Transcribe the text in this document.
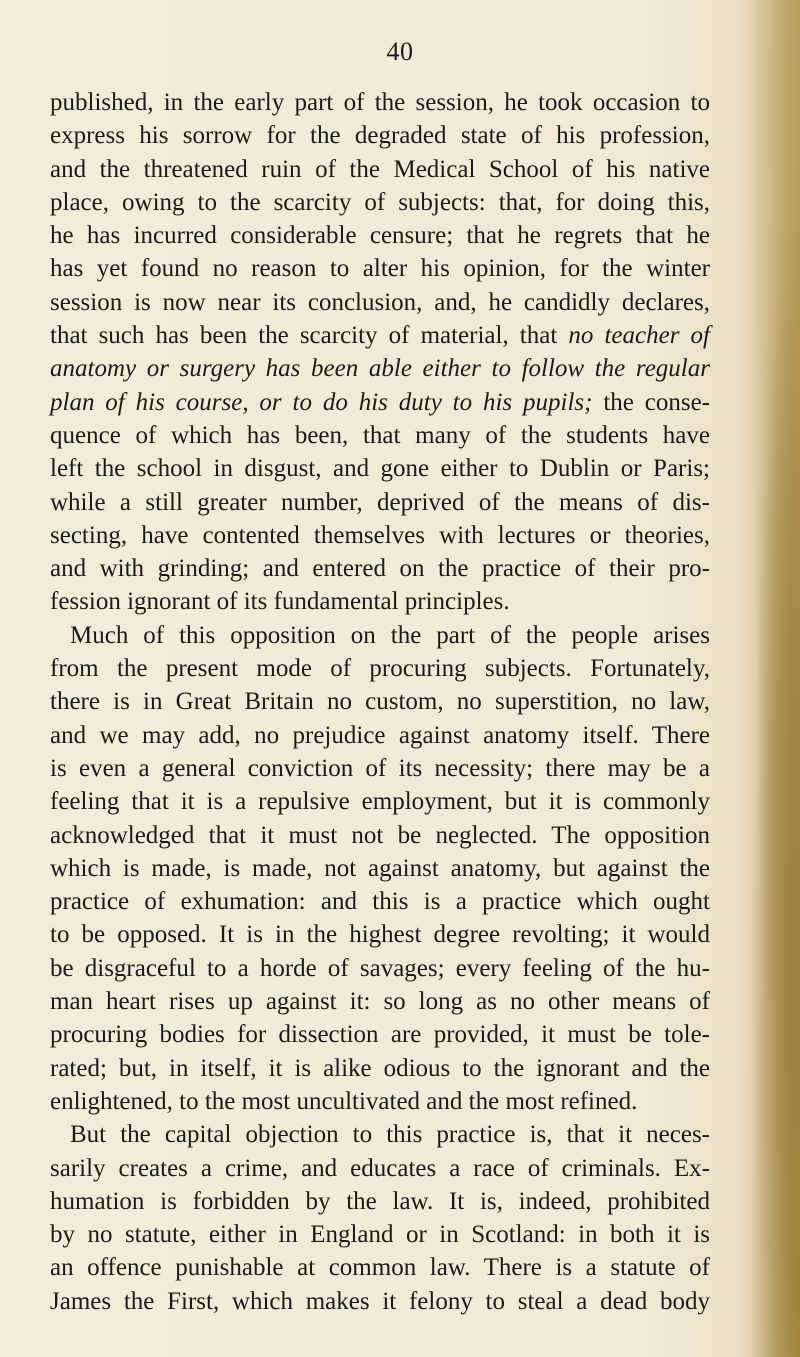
40
published, in the early part of the session, he took occasion to
express his sorrow for the degraded state of his profession,
and the threatened ruin of the Medical School of his native
place, owing to the scarcity of subjects: that, for doing this,
he has incurred considerable censure; that he regrets that he
has yet found no reason to alter his opinion, for the winter
session is now near its conclusion, and, he candidly declares,
that such has been the scarcity of material, that no teacher of
anatomy or surgery has been able either to follow the regular
plan of his course, or to do his duty to his pupils; the conse-
quence of which has been, that many of the students have
left the school in disgust, and gone either to Dublin or Paris;
while a still greater number, deprived of the means of dis-
secting, have contented themselves with lectures or theories,
and with grinding; and entered on the practice of their pro-
fession ignorant of its fundamental principles.
Much of this opposition on the part of the people arises
from the present mode of procuring subjects. Fortunately,
there is in Great Britain no custom, no superstition, no law,
and we may add, no prejudice against anatomy itself. There
is even a general conviction of its necessity; there may be a
feeling that it is a repulsive employment, but it is commonly
acknowledged that it must not be neglected. The opposition
which is made, is made, not against anatomy, but against the
practice of exhumation: and this is a practice which ought
to be opposed. It is in the highest degree revolting; it would
be disgraceful to a horde of savages; every feeling of the hu-
man heart rises up against it: so long as no other means of
procuring bodies for dissection are provided, it must be tole-
rated; but, in itself, it is alike odious to the ignorant and the
enlightened, to the most uncultivated and the most refined.
But the capital objection to this practice is, that it neces-
sarily creates a crime, and educates a race of criminals. Ex-
humation is forbidden by the law. It is, indeed, prohibited
by no statute, either in England or in Scotland: in both it is
an offence punishable at common law. There is a statute of
James the First, which makes it felony to steal a dead body
